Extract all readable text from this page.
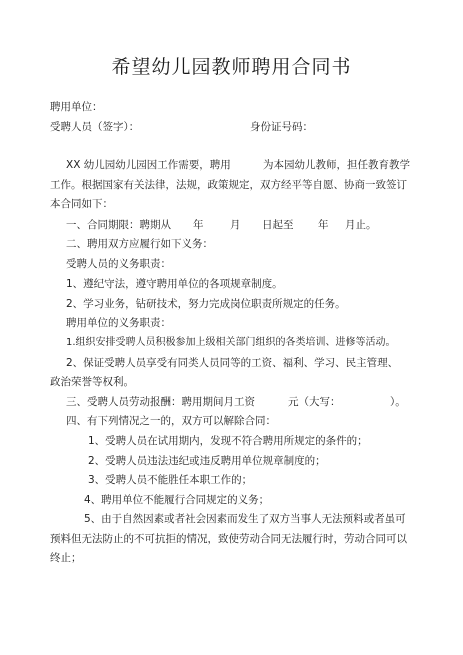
希望幼儿园教师聘用合同书
聘用单位：
受聘人员（签字）：	身份证号码：
XX 幼儿园幼儿园因工作需要，聘用	为本园幼儿教师，担任教育教学
工作。根据国家有关法律，法规，政策规定，双方经平等自愿、协商一致签订
本合同如下：
一、合同期限：聘期从 年	月 日起至 年 月止。
二、聘用双方应履行如下义务：
受聘人员的义务职责：
1、遵纪守法，遵守聘用单位的各项规章制度。
2、学习业务，钻研技术，努力完成岗位职责所规定的任务。
聘用单位的义务职责：
1.组织安排受聘人员积极参加上级相关部门组织的各类培训、进修等活动。
2、保证受聘人员享受有同类人员同等的工资、福利、学习、民主管理、
政治荣誉等权利。
三、受聘人员劳动报酬：聘用期间月工资	元（大写：	）。
四、有下列情况之一的，双方可以解除合同：
1、受聘人员在试用期内，发现不符合聘用所规定的条件的；
2、受聘人员违法违纪或违反聘用单位规章制度的；
3、受聘人员不能胜任本职工作的；
4、聘用单位不能履行合同规定的义务；
5、由于自然因素或者社会因素而发生了双方当事人无法预料或者虽可
预料但无法防止的不可抗拒的情况，致使劳动合同无法履行时，劳动合同可以
终止；
